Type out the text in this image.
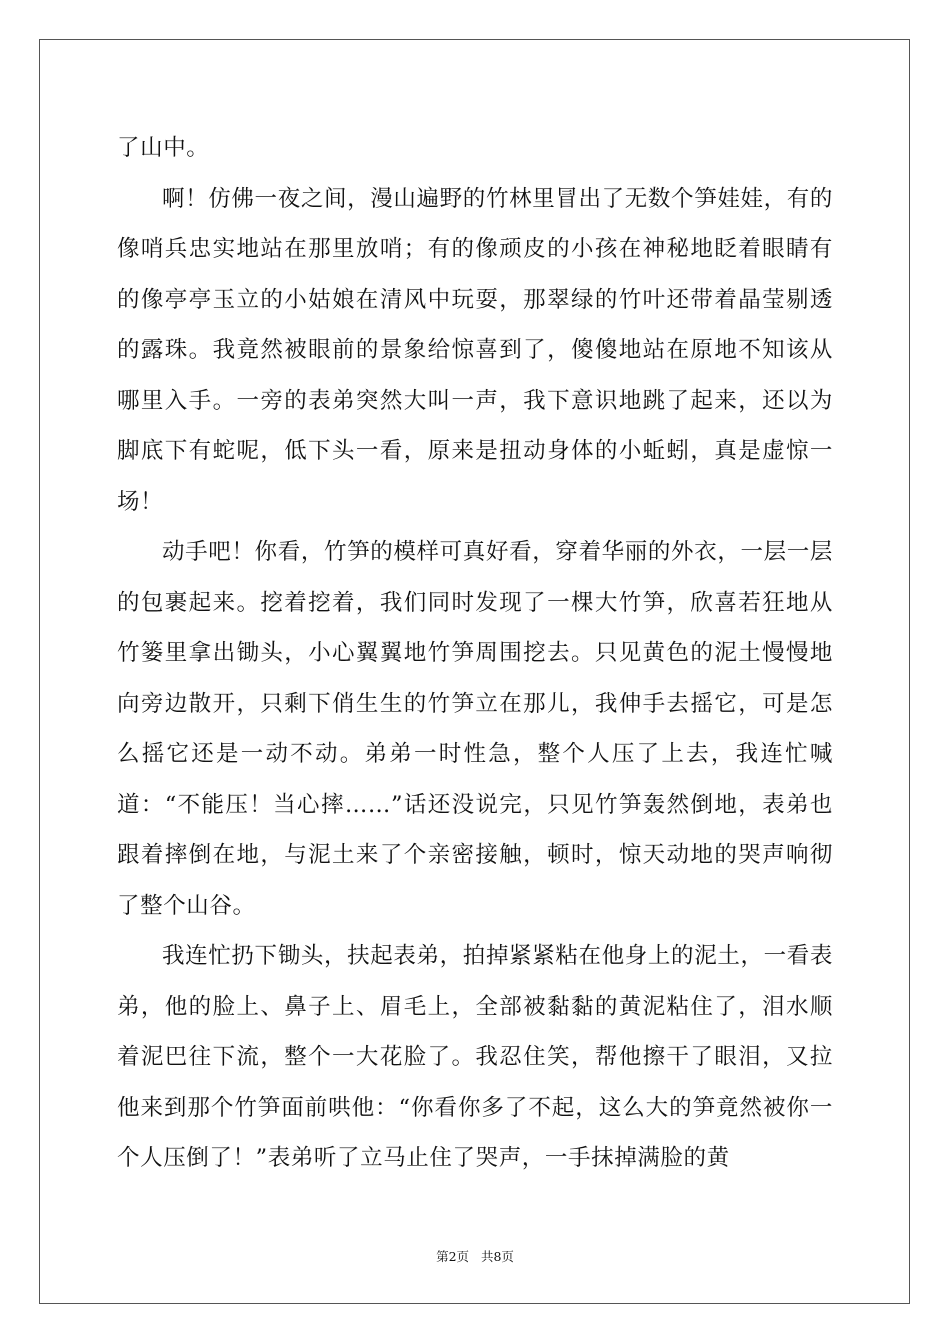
了山中。

啊！仿佛一夜之间，漫山遍野的竹林里冒出了无数个笋娃娃，有的像哨兵忠实地站在那里放哨；有的像顽皮的小孩在神秘地眨着眼睛有的像亭亭玉立的小姑娘在清风中玩耍，那翠绿的竹叶还带着晶莹剔透的露珠。我竟然被眼前的景象给惊喜到了，傻傻地站在原地不知该从哪里入手。一旁的表弟突然大叫一声，我下意识地跳了起来，还以为脚底下有蛇呢，低下头一看，原来是扭动身体的小蚯蚓，真是虚惊一场！

动手吧！你看，竹笋的模样可真好看，穿着华丽的外衣，一层一层的包裹起来。挖着挖着，我们同时发现了一棵大竹笋，欣喜若狂地从竹篓里拿出锄头，小心翼翼地竹笋周围挖去。只见黄色的泥土慢慢地向旁边散开，只剩下俏生生的竹笋立在那儿，我伸手去摇它，可是怎么摇它还是一动不动。弟弟一时性急，整个人压了上去，我连忙喊道：“不能压！当心摔……”话还没说完，只见竹笋轰然倒地，表弟也跟着摔倒在地，与泥土来了个亲密接触，顿时，惊天动地的哭声响彻了整个山谷。

我连忙扔下锄头，扶起表弟，拍掉紧紧粘在他身上的泥土，一看表弟，他的脸上、鼻子上、眉毛上，全部被黏黏的黄泥粘住了，泪水顺着泥巴往下流，整个一大花脸了。我忍住笑，帮他擦干了眼泪，又拉他来到那个竹笋面前哄他：“你看你多了不起，这么大的笋竟然被你一个人压倒了！”表弟听了立马止住了哭声，一手抹掉满脸的黄

第2页   共8页
